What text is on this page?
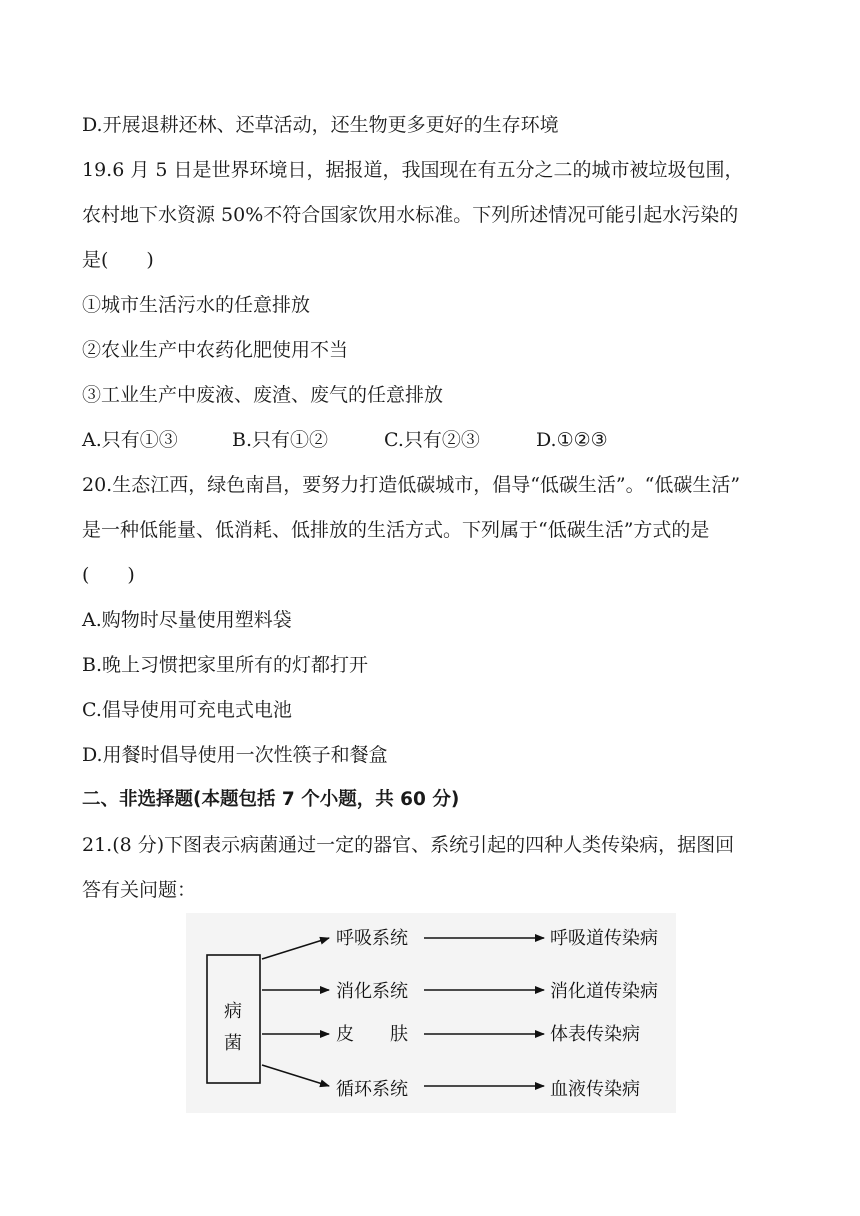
D.开展退耕还林、还草活动，还生物更多更好的生存环境
19.6 月 5 日是世界环境日，据报道，我国现在有五分之二的城市被垃圾包围，
农村地下水资源 50%不符合国家饮用水标准。下列所述情况可能引起水污染的
是(　　)
①城市生活污水的任意排放
②农业生产中农药化肥使用不当
③工业生产中废液、废渣、废气的任意排放
A.只有①③	B.只有①②	C.只有②③	D.①②③
20.生态江西，绿色南昌，要努力打造低碳城市，倡导“低碳生活”。“低碳生活”
是一种低能量、低消耗、低排放的生活方式。下列属于“低碳生活”方式的是
(　　)
A.购物时尽量使用塑料袋
B.晚上习惯把家里所有的灯都打开
C.倡导使用可充电式电池
D.用餐时倡导使用一次性筷子和餐盒
二、非选择题(本题包括 7 个小题，共 60 分)
21.(8 分)下图表示病菌通过一定的器官、系统引起的四种人类传染病，据图回
答有关问题：
病
菌
呼吸系统
消化系统
皮　　肤
循环系统
呼吸道传染病
消化道传染病
体表传染病
血液传染病
